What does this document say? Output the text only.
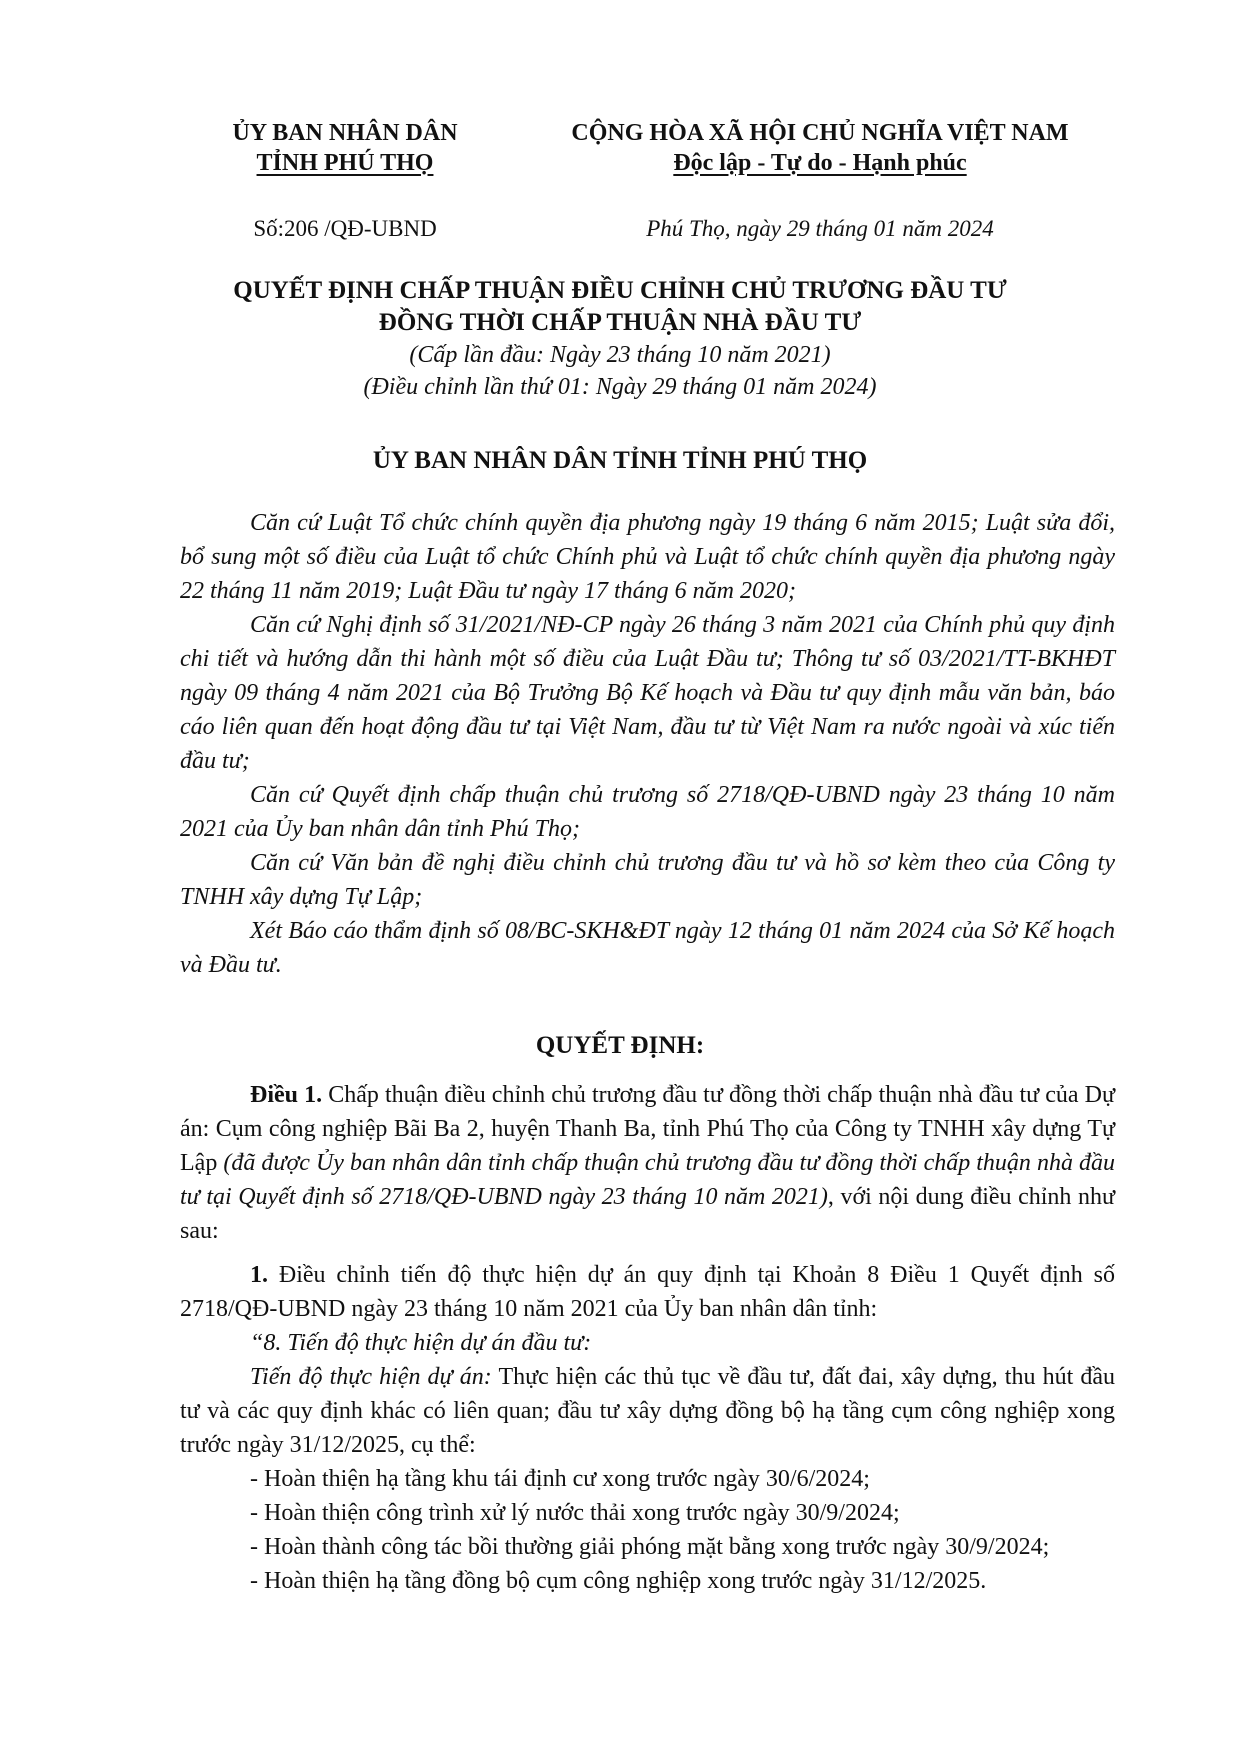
ỦY BAN NHÂN DÂN
TỈNH PHÚ THỌ
CỘNG HÒA XÃ HỘI CHỦ NGHĨA VIỆT NAM
Độc lập - Tự do - Hạnh phúc
Số:206 /QĐ-UBND	Phú Thọ, ngày 29 tháng 01 năm 2024
QUYẾT ĐỊNH CHẤP THUẬN ĐIỀU CHỈNH CHỦ TRƯƠNG ĐẦU TƯ
ĐỒNG THỜI CHẤP THUẬN NHÀ ĐẦU TƯ
(Cấp lần đầu: Ngày 23 tháng 10 năm 2021)
(Điều chỉnh lần thứ 01: Ngày 29 tháng 01 năm 2024)
ỦY BAN NHÂN DÂN TỈNH TỈNH PHÚ THỌ

Căn cứ Luật Tổ chức chính quyền địa phương ngày 19 tháng 6 năm 2015; Luật sửa đổi, bổ sung một số điều của Luật tổ chức Chính phủ và Luật tổ chức chính quyền địa phương ngày 22 tháng 11 năm 2019; Luật Đầu tư ngày 17 tháng 6 năm 2020;

Căn cứ Nghị định số 31/2021/NĐ-CP ngày 26 tháng 3 năm 2021 của Chính phủ quy định chi tiết và hướng dẫn thi hành một số điều của Luật Đầu tư; Thông tư số 03/2021/TT-BKHĐT ngày 09 tháng 4 năm 2021 của Bộ Trưởng Bộ Kế hoạch và Đầu tư quy định mẫu văn bản, báo cáo liên quan đến hoạt động đầu tư tại Việt Nam, đầu tư từ Việt Nam ra nước ngoài và xúc tiến đầu tư;

Căn cứ Quyết định chấp thuận chủ trương số 2718/QĐ-UBND ngày 23 tháng 10 năm 2021 của Ủy ban nhân dân tỉnh Phú Thọ;

Căn cứ Văn bản đề nghị điều chỉnh chủ trương đầu tư và hồ sơ kèm theo của Công ty TNHH xây dựng Tự Lập;

Xét Báo cáo thẩm định số 08/BC-SKH&ĐT ngày 12 tháng 01 năm 2024 của Sở Kế hoạch và Đầu tư.

QUYẾT ĐỊNH:

Điều 1. Chấp thuận điều chỉnh chủ trương đầu tư đồng thời chấp thuận nhà đầu tư của Dự án: Cụm công nghiệp Bãi Ba 2, huyện Thanh Ba, tỉnh Phú Thọ của Công ty TNHH xây dựng Tự Lập (đã được Ủy ban nhân dân tỉnh chấp thuận chủ trương đầu tư đồng thời chấp thuận nhà đầu tư tại Quyết định số 2718/QĐ-UBND ngày 23 tháng 10 năm 2021), với nội dung điều chỉnh như sau:

1. Điều chỉnh tiến độ thực hiện dự án quy định tại Khoản 8 Điều 1 Quyết định số 2718/QĐ-UBND ngày 23 tháng 10 năm 2021 của Ủy ban nhân dân tỉnh:

“8. Tiến độ thực hiện dự án đầu tư:

Tiến độ thực hiện dự án: Thực hiện các thủ tục về đầu tư, đất đai, xây dựng, thu hút đầu tư và các quy định khác có liên quan; đầu tư xây dựng đồng bộ hạ tầng cụm công nghiệp xong trước ngày 31/12/2025, cụ thể:

- Hoàn thiện hạ tầng khu tái định cư xong trước ngày 30/6/2024;

- Hoàn thiện công trình xử lý nước thải xong trước ngày 30/9/2024;

- Hoàn thành công tác bồi thường giải phóng mặt bằng xong trước ngày 30/9/2024;

- Hoàn thiện hạ tầng đồng bộ cụm công nghiệp xong trước ngày 31/12/2025.
